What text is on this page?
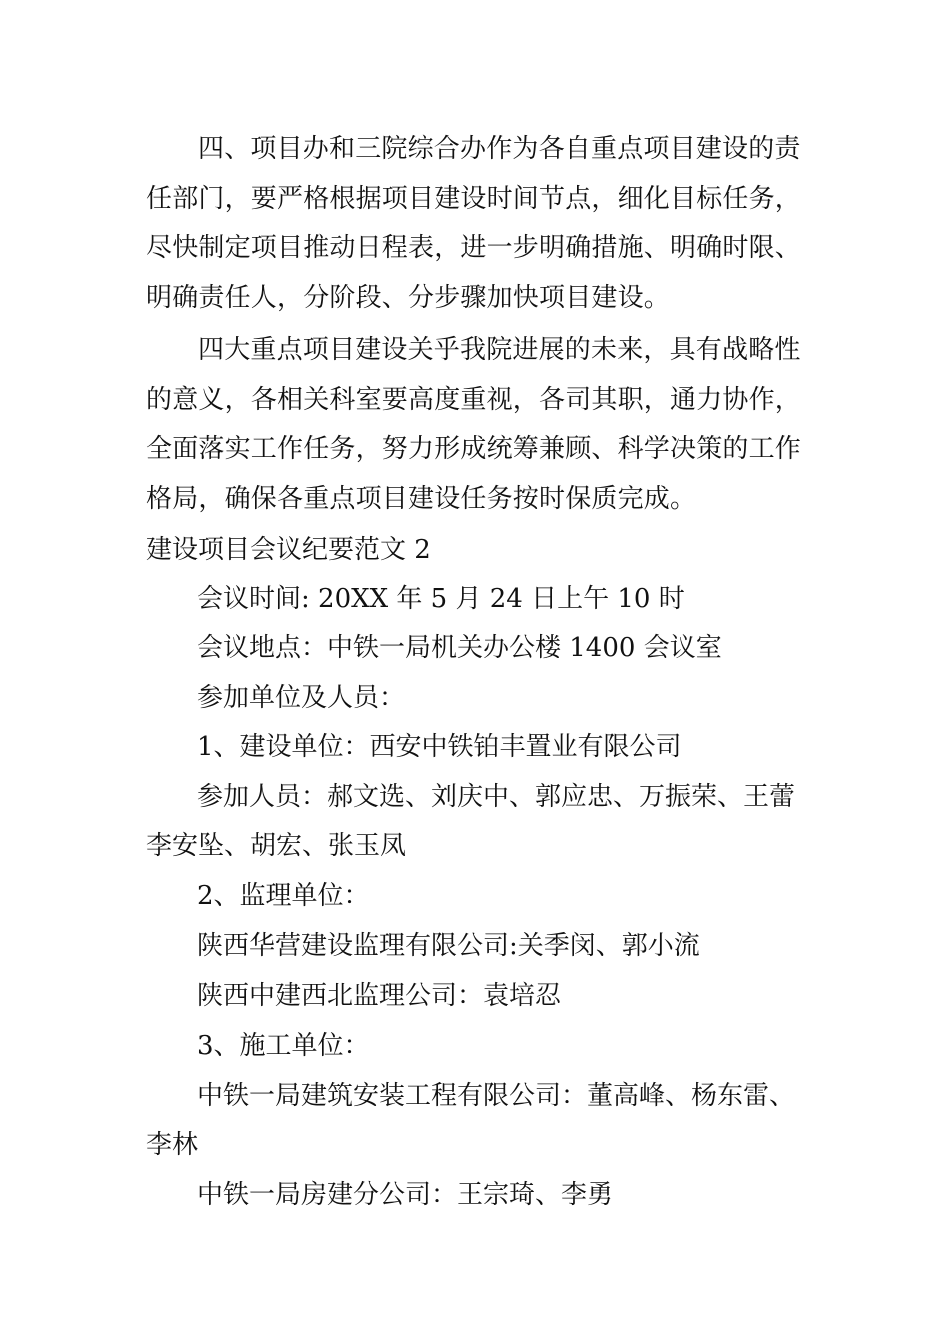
四、项目办和三院综合办作为各自重点项目建设的责任部门，要严格根据项目建设时间节点，细化目标任务，尽快制定项目推动日程表，进一步明确措施、明确时限、明确责任人，分阶段、分步骤加快项目建设。

四大重点项目建设关乎我院进展的未来，具有战略性的意义，各相关科室要高度重视，各司其职，通力协作，全面落实工作任务，努力形成统筹兼顾、科学决策的工作格局，确保各重点项目建设任务按时保质完成。

建设项目会议纪要范文 2

会议时间: 20XX 年 5 月 24 日上午 10 时

会议地点：中铁一局机关办公楼 1400 会议室

参加单位及人员：

1、建设单位：西安中铁铂丰置业有限公司

参加人员：郝文选、刘庆中、郭应忠、万振荣、王蕾

李安坠、胡宏、张玉凤

2、监理单位：

陕西华营建设监理有限公司:关季闵、郭小流

陕西中建西北监理公司：袁培忍

3、施工单位：

中铁一局建筑安装工程有限公司：董高峰、杨东雷、

李林

中铁一局房建分公司：王宗琦、李勇
